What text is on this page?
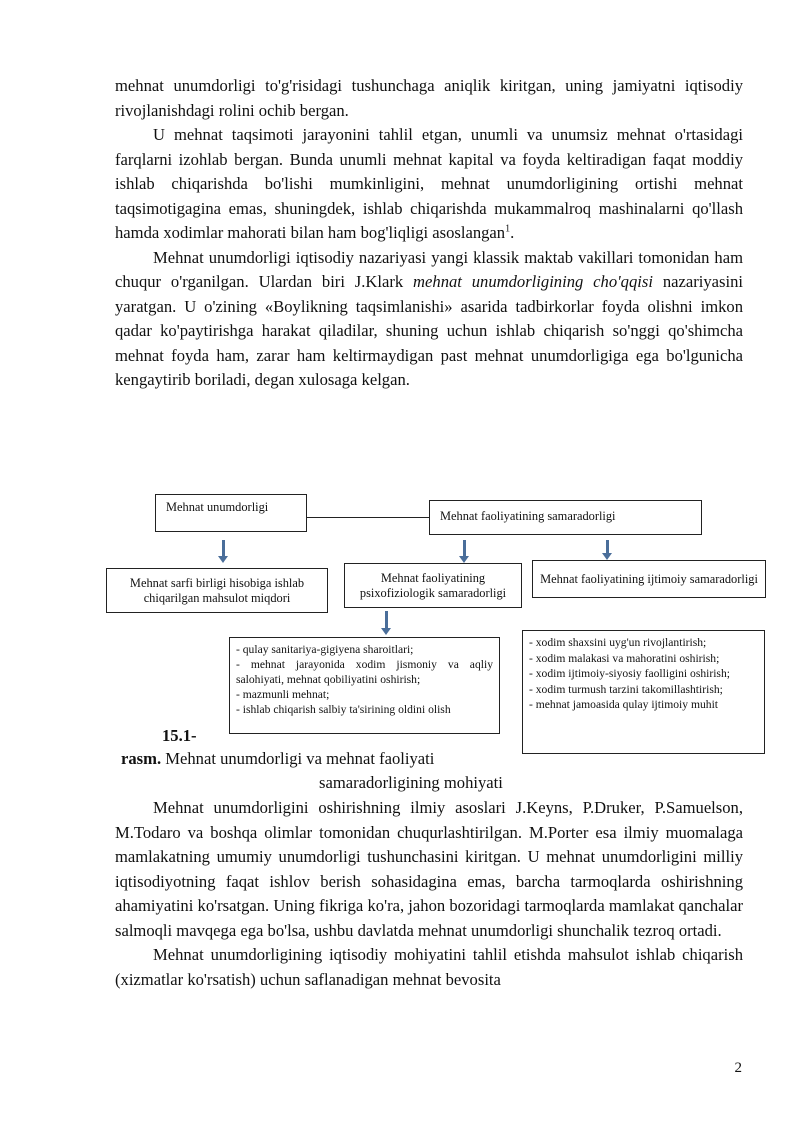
mehnat unumdorligi to'g'risidagi tushunchaga aniqlik kiritgan, uning jamiyatni iqtisodiy rivojlanishdagi rolini ochib bergan.

U mehnat taqsimoti jarayonini tahlil etgan, unumli va unumsiz mehnat o'rtasidagi farqlarni izohlab bergan. Bunda unumli mehnat kapital va foyda keltiradigan faqat moddiy ishlab chiqarishda bo'lishi mumkinligini, mehnat unumdorligining ortishi mehnat taqsimotigagina emas, shuningdek, ishlab chiqarishda mukammalroq mashinalarni qo'llash hamda xodimlar mahorati bilan ham bog'liqligi asoslangan$^1$.

Mehnat unumdorligi iqtisodiy nazariyasi yangi klassik maktab vakillari tomonidan ham chuqur o'rganilgan. Ulardan biri J.Klark mehnat unumdorligining cho'qqisi nazariyasini yaratgan. U o'zining «Boylikning taqsimlanishi» asarida tadbirkorlar foyda olishni imkon qadar ko'paytirishga harakat qiladilar, shuning uchun ishlab chiqarish so'nggi qo'shimcha mehnat foyda ham, zarar ham keltirmaydigan past mehnat unumdorligiga ega bo'lgunicha kengaytirib boriladi, degan xulosaga kelgan.

Mehnat unumdorligi
Mehnat faoliyatining samaradorligi
Mehnat sarfi birligi hisobiga ishlab chiqarilgan mahsulot miqdori
Mehnat faoliyatining psixofiziologik samaradorligi
Mehnat faoliyatining ijtimoiy samaradorligi
- qulay sanitariya-gigiyena sharoitlari;
- mehnat jarayonida xodim jismoniy va aqliy salohiyati, mehnat qobiliyatini oshirish;
- mazmunli mehnat;
- ishlab chiqarish salbiy ta'sirining oldini olish
- xodim shaxsini uyg'un rivojlantirish;
- xodim malakasi va mahoratini oshirish;
- xodim ijtimoiy-siyosiy faolligini oshirish;
- xodim turmush tarzini takomillashtirish;
- mehnat jamoasida qulay ijtimoiy muhit
15.1-
rasm. Mehnat unumdorligi va mehnat faoliyati
samaradorligining mohiyati

Mehnat unumdorligini oshirishning ilmiy asoslari J.Keyns, P.Druker, P.Samuelson, M.Todaro va boshqa olimlar tomonidan chuqurlashtirilgan. M.Porter esa ilmiy muomalaga mamlakatning umumiy unumdorligi tushunchasini kiritgan. U mehnat unumdorligini milliy iqtisodiyotning faqat ishlov berish sohasidagina emas, barcha tarmoqlarda oshirishning ahamiyatini ko'rsatgan. Uning fikriga ko'ra, jahon bozoridagi tarmoqlarda mamlakat qanchalar salmoqli mavqega ega bo'lsa, ushbu davlatda mehnat unumdorligi shunchalik tezroq ortadi.

Mehnat unumdorligining iqtisodiy mohiyatini tahlil etishda mahsulot ishlab chiqarish (xizmatlar ko'rsatish) uchun saflanadigan mehnat bevosita

2
